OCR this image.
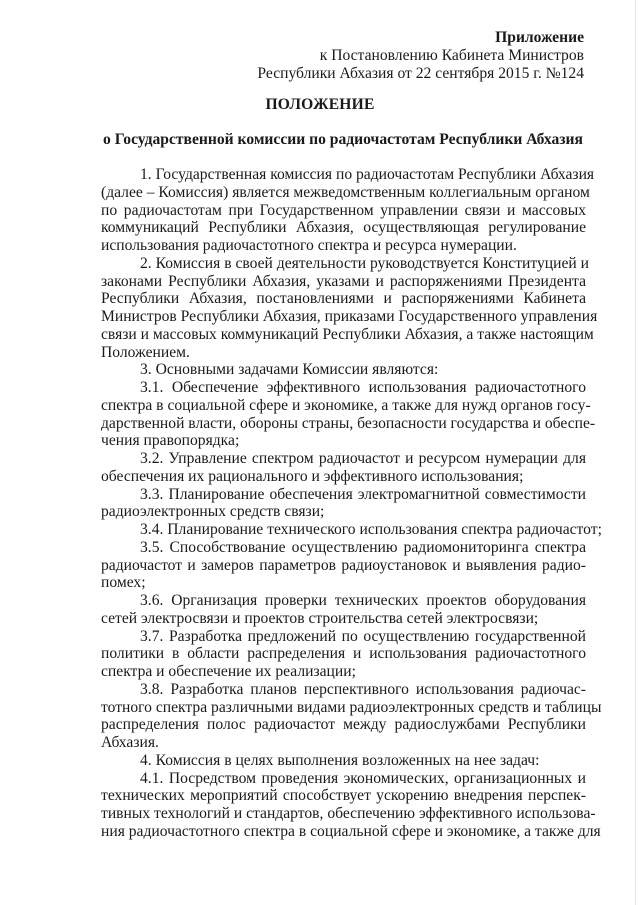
Приложение
к Постановлению Кабинета Министров
Республики Абхазия от 22 сентября 2015 г. №124
ПОЛОЖЕНИЕ
о Государственной комиссии по радиочастотам Республики Абхазия
1. Государственная комиссия по радиочастотам Республики Абхазия
(далее – Комиссия) является межведомственным коллегиальным органом
по радиочастотам при Государственном управлении связи и массовых
коммуникаций Республики Абхазия, осуществляющая регулирование
использования радиочастотного спектра и ресурса нумерации.
2. Комиссия в своей деятельности руководствуется Конституцией и
законами Республики Абхазия, указами и распоряжениями Президента
Республики Абхазия, постановлениями и распоряжениями Кабинета
Министров Республики Абхазия, приказами Государственного управления
связи и массовых коммуникаций Республики Абхазия, а также настоящим
Положением.
3. Основными задачами Комиссии являются:
3.1. Обеспечение эффективного использования радиочастотного
спектра в социальной сфере и экономике, а также для нужд органов госу-
дарственной власти, обороны страны, безопасности государства и обеспе-
чения правопорядка;
3.2. Управление спектром радиочастот и ресурсом нумерации для
обеспечения их рационального и эффективного использования;
3.3. Планирование обеспечения электромагнитной совместимости
радиоэлектронных средств связи;
3.4. Планирование технического использования спектра радиочастот;
3.5. Способствование осуществлению радиомониторинга спектра
радиочастот и замеров параметров радиоустановок и выявления радио-
помех;
3.6. Организация проверки технических проектов оборудования
сетей электросвязи и проектов строительства сетей электросвязи;
3.7. Разработка предложений по осуществлению государственной
политики в области распределения и использования радиочастотного
спектра и обеспечение их реализации;
3.8. Разработка планов перспективного использования радиочас-
тотного спектра различными видами радиоэлектронных средств и таблицы
распределения полос радиочастот между радиослужбами Республики
Абхазия.
4. Комиссия в целях выполнения возложенных на нее задач:
4.1. Посредством проведения экономических, организационных и
технических мероприятий способствует ускорению внедрения перспек-
тивных технологий и стандартов, обеспечению эффективного использова-
ния радиочастотного спектра в социальной сфере и экономике, а также для
